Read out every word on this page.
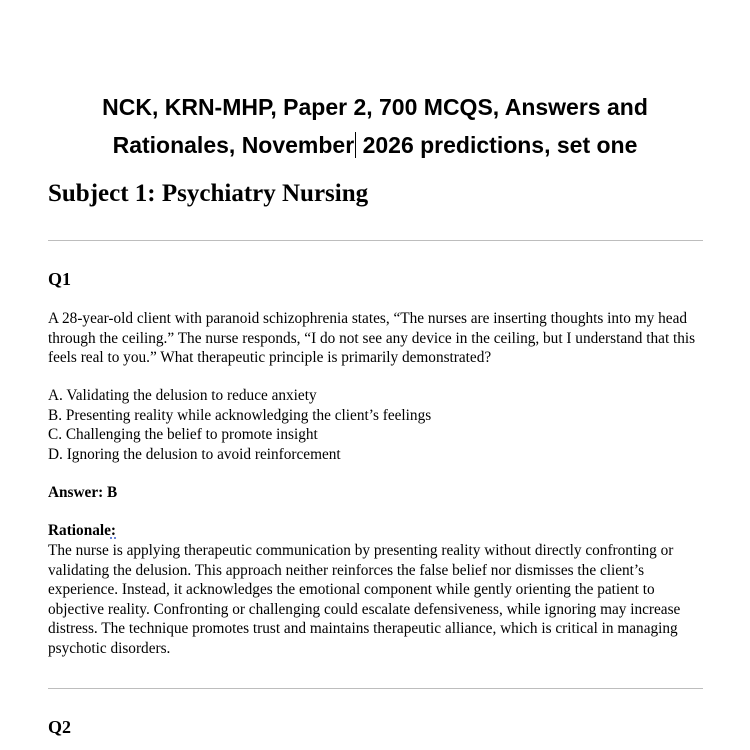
NCK, KRN-MHP, Paper 2, 700 MCQS, Answers and
Rationales, November 2026 predictions, set one
Subject 1: Psychiatry Nursing
Q1
A 28-year-old client with paranoid schizophrenia states, “The nurses are inserting thoughts into my head through the ceiling.” The nurse responds, “I do not see any device in the ceiling, but I understand that this feels real to you.” What therapeutic principle is primarily demonstrated?
A. Validating the delusion to reduce anxiety
B. Presenting reality while acknowledging the client’s feelings
C. Challenging the belief to promote insight
D. Ignoring the delusion to avoid reinforcement
Answer: B
Rationale:
The nurse is applying therapeutic communication by presenting reality without directly confronting or validating the delusion. This approach neither reinforces the false belief nor dismisses the client’s experience. Instead, it acknowledges the emotional component while gently orienting the patient to objective reality. Confronting or challenging could escalate defensiveness, while ignoring may increase distress. The technique promotes trust and maintains therapeutic alliance, which is critical in managing psychotic disorders.
Q2
